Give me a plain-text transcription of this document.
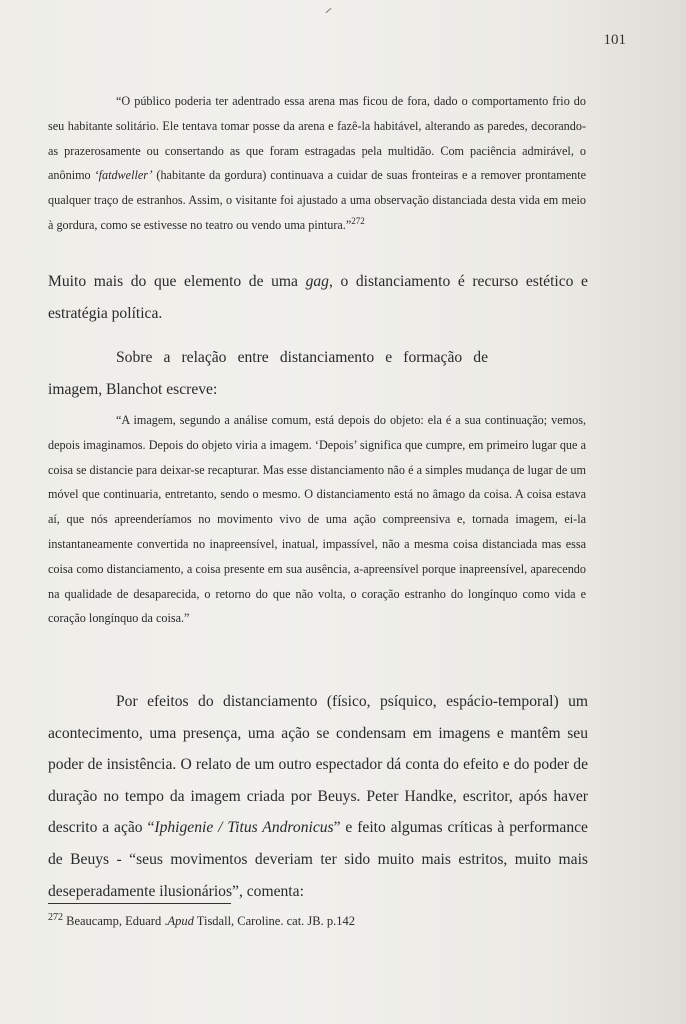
101

“O público poderia ter adentrado essa arena mas ficou de fora, dado o comportamento frio do seu habitante solitário. Ele tentava tomar posse da arena e fazê-la habitável, alterando as paredes, decorando-as prazerosamente ou consertando as que foram estragadas pela multidão. Com paciência admirável, o anônimo ‘fatdweller’ (habitante da gordura) continuava a cuidar de suas fronteiras e a remover prontamente qualquer traço de estranhos. Assim, o visitante foi ajustado a uma observação distanciada desta vida em meio à gordura, como se estivesse no teatro ou vendo uma pintura.”$^{272}$

Muito mais do que elemento de uma gag, o distanciamento é recurso estético e estratégia política.

Sobre a relação entre distanciamento e formação de imagem, Blanchot escreve:

“A imagem, segundo a análise comum, está depois do objeto: ela é a sua continuação; vemos, depois imaginamos. Depois do objeto viria a imagem. ‘Depois’ significa que cumpre, em primeiro lugar que a coisa se distancie para deixar-se recapturar. Mas esse distanciamento não é a simples mudança de lugar de um móvel que continuaria, entretanto, sendo o mesmo. O distanciamento está no âmago da coisa. A coisa estava aí, que nós apreenderíamos no movimento vivo de uma ação compreensiva e, tornada imagem, ei-la instantaneamente convertida no inapreensível, inatual, impassível, não a mesma coisa distanciada mas essa coisa como distanciamento, a coisa presente em sua ausência, a-apreensível porque inapreensível, aparecendo na qualidade de desaparecida, o retorno do que não volta, o coração estranho do longínquo como vida e coração longínquo da coisa.”

Por efeitos do distanciamento (físico, psíquico, espácio-temporal) um acontecimento, uma presença, uma ação se condensam em imagens e mantêm seu poder de insistência. O relato de um outro espectador dá conta do efeito e do poder de duração no tempo da imagem criada por Beuys. Peter Handke, escritor, após haver descrito a ação “Iphigenie / Titus Andronicus” e feito algumas críticas à performance de Beuys - “seus movimentos deveriam ter sido muito mais estritos, muito mais deseperadamente ilusionários”, comenta:

$^{272}$ Beaucamp, Eduard .Apud Tisdall, Caroline. cat. JB. p.142
